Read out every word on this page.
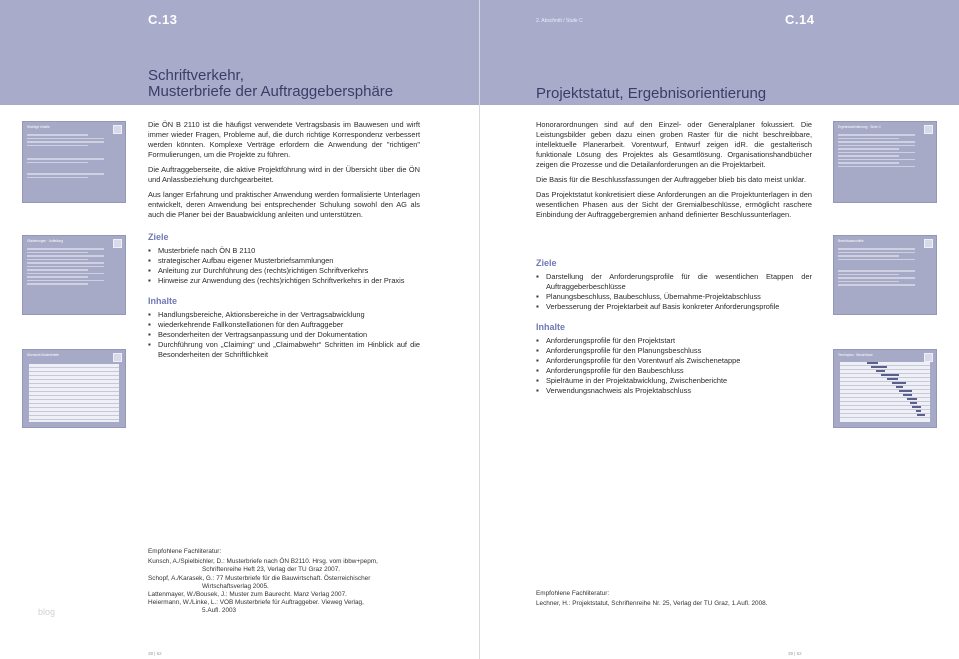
C.13
Schriftverkehr,
Musterbriefe der Auftraggebersphäre
Wichtige Inhalte
Gliederungen · Aufteilung
Übersicht Musterbriefe

Die ÖN B 2110 ist die häufigst verwendete Vertragsbasis im Bauwesen und wirft immer wieder Fragen, Probleme auf, die durch richtige Korrespondenz verbessert werden könnten. Komplexe Verträge erfordern die Anwendung der "richtigen" Formulierungen, um die Projekte zu führen.

Die Auftraggeberseite, die aktive Projektführung wird in der Übersicht über die ÖN und Anlassbeziehung durchgearbeitet.

Aus langer Erfahrung und praktischer Anwendung werden formalisierte Unterlagen entwickelt, deren Anwendung bei entsprechender Schulung sowohl den AG als auch die Planer bei der Bauabwicklung anleiten und unterstützen.

Ziele
▪ Musterbriefe nach ÖN B 2110
▪ strategischer Aufbau eigener Musterbriefsammlungen
▪ Anleitung zur Durchführung des (rechts)richtigen Schriftverkehrs
▪ Hinweise zur Anwendung des (rechts)richtigen Schriftverkehrs in der Praxis
Inhalte
▪ Handlungsbereiche, Aktionsbereiche in der Vertragsabwicklung
▪ wiederkehrende Fallkonstellationen für den Auftraggeber
▪ Besonderheiten der Vertragsanpassung und der Dokumentation
▪ Durchführung von „Claiming“ und „Claimabwehr“ Schritten im Hinblick auf die Besonderheiten der Schriftlichkeit
Empfohlene Fachliteratur:
Kunsch, A./Spielbichler, D.: Musterbriefe nach ÖN B2110. Hrsg. vom ibbw+pepm,
Schriftenreihe Heft 23, Verlag der TU Graz 2007.
Schopf, A./Karasek, G.: 77 Musterbriefe für die Bauwirtschaft. Österreichischer
Wirtschaftsverlag 2005.
Lattenmayer, W./Bousek, J.: Muster zum Baurecht. Manz Verlag 2007.
Heiermann, W./Linke, L.: VOB Musterbriefe für Auftraggeber. Vieweg Verlag,
5.Aufl. 2003
blog
38 | 62
2. Abschnitt / Stufe C	C.14
Projektstatut, Ergebnisorientierung

Honorarordnungen sind auf den Einzel- oder Generalplaner fokussiert. Die Leistungsbilder geben dazu einen groben Raster für die nicht beschreibbare, intellektuelle Planerarbeit. Vorentwurf, Entwurf zeigen idR. die gestalterisch funktionale Lösung des Projektes als Gesamtlösung. Organisationshandbücher zeigen die Prozesse und die Detailanforderungen an die Projektarbeit.

Die Basis für die Beschlussfassungen der Auftraggeber blieb bis dato meist unklar.

Das Projektstatut konkretisiert diese Anforderungen an die Projektunterlagen in den wesentlichen Phasen aus der Sicht der Gremialbeschlüsse, ermöglicht raschere Einbindung der Auftraggebergremien anhand definierter Beschlussunterlagen.

Ziele
▪ Darstellung der Anforderungsprofile für die wesentlichen Etappen der Auftraggeberbeschlüsse
▪ Planungsbeschluss, Baubeschluss, Übernahme-Projektabschluss
▪ Verbesserung der Projektarbeit auf Basis konkreter Anforderungsprofile
Inhalte
▪ Anforderungsprofile für den Projektstart
▪ Anforderungsprofile für den Planungsbeschluss
▪ Anforderungsprofile für den Vorentwurf als Zwischenetappe
▪ Anforderungsprofile für den Baubeschluss
▪ Spielräume in der Projektabwicklung, Zwischenberichte
▪ Verwendungsnachweis als Projektabschluss
Ergebnisorientierung · Stufe C
Beschlussmodelle
Terminplan · Beschlüsse
Empfohlene Fachliteratur:
Lechner, H.: Projektstatut, Schriftenreihe Nr. 25, Verlag der TU Graz, 1.Aufl. 2008.
39 | 62
